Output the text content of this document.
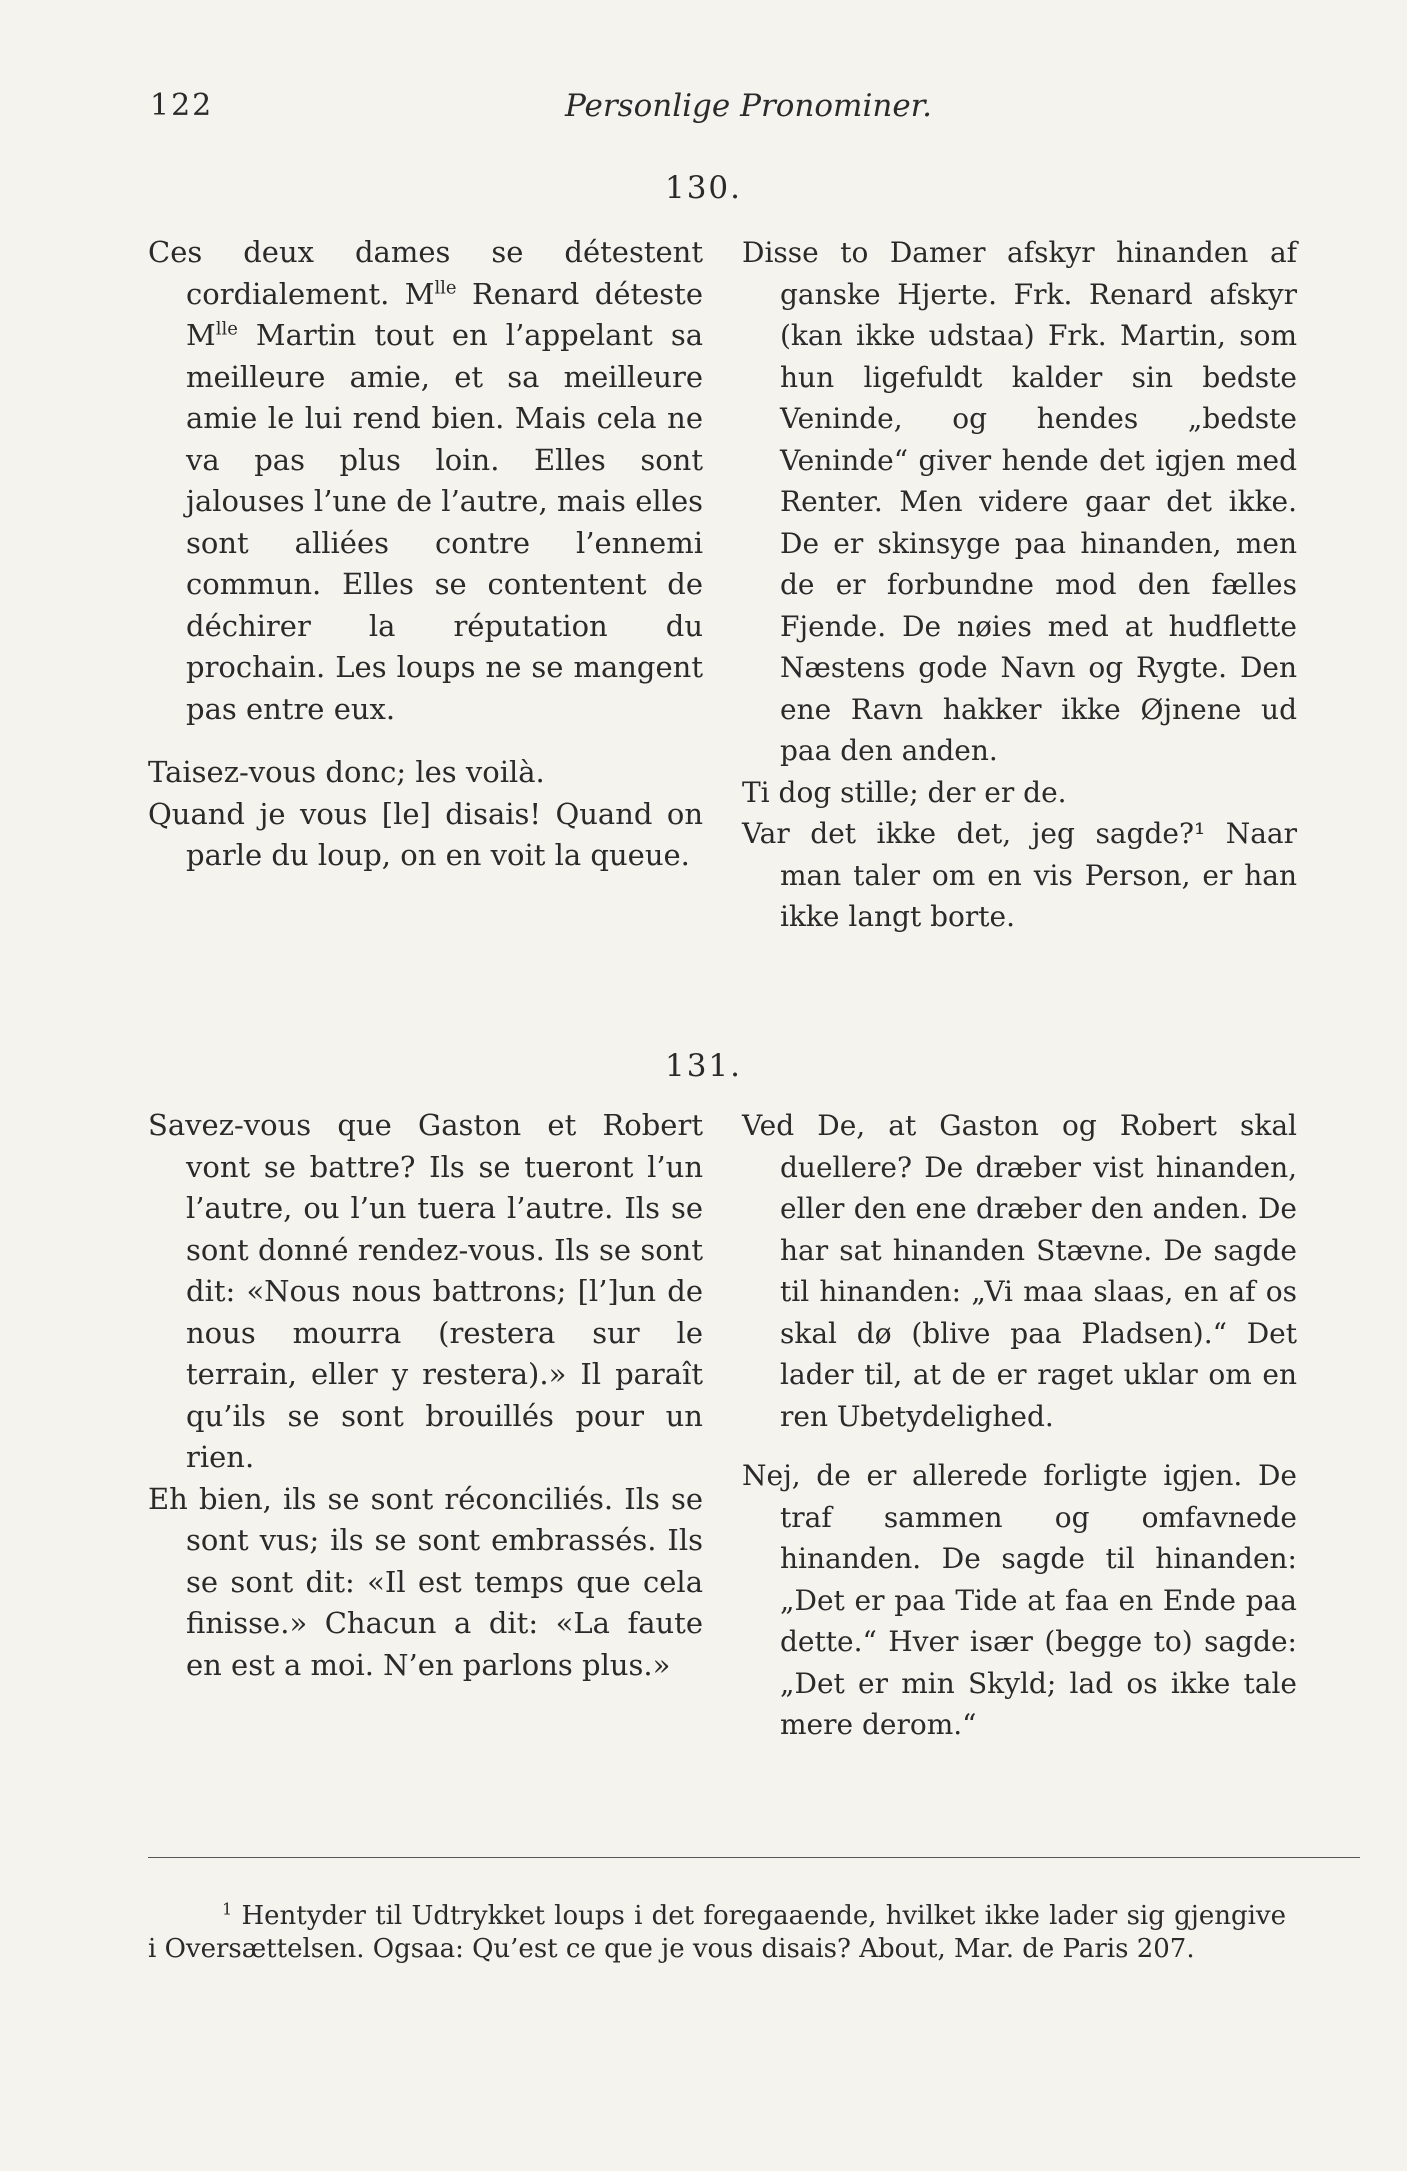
122	Personlige Pronominer.
130.
Ces deux dames se détestent cordialement. $M^{lle}$ Renard déteste $M^{lle}$ Martin tout en l’appelant sa meilleure amie, et sa meilleure amie le lui rend bien. Mais cela ne va pas plus loin. Elles sont jalouses l’une de l’autre, mais elles sont alliées contre l’ennemi commun. Elles se contentent de déchirer la réputation du prochain. Les loups ne se mangent pas entre eux.
Taisez-vous donc; les voilà.
Quand je vous [le] disais! Quand on parle du loup, on en voit la queue.
Disse to Damer afskyr hinanden af ganske Hjerte. Frk. Renard afskyr (kan ikke udstaa) Frk. Martin, som hun ligefuldt kalder sin bedste Veninde, og hendes „bedste Veninde“ giver hende det igjen med Renter. Men videre gaar det ikke. De er skinsyge paa hinanden, men de er forbundne mod den fælles Fjende. De nøies med at hudflette Næstens gode Navn og Rygte. Den ene Ravn hakker ikke Øjnene ud paa den anden.
Ti dog stille; der er de.
Var det ikke det, jeg sagde?¹ Naar man taler om en vis Person, er han ikke langt borte.
131.
Savez-vous que Gaston et Robert vont se battre? Ils se tueront l’un l’autre, ou l’un tuera l’autre. Ils se sont donné rendez-vous. Ils se sont dit: «Nous nous battrons; [l’]un de nous mourra (restera sur le terrain, eller y restera).» Il paraît qu’ils se sont brouillés pour un rien.
Eh bien, ils se sont réconciliés. Ils se sont vus; ils se sont embrassés. Ils se sont dit: «Il est temps que cela finisse.» Chacun a dit: «La faute en est a moi. N’en parlons plus.»
Ved De, at Gaston og Robert skal duellere? De dræber vist hinanden, eller den ene dræber den anden. De har sat hinanden Stævne. De sagde til hinanden: „Vi maa slaas, en af os skal dø (blive paa Pladsen).“ Det lader til, at de er raget uklar om en ren Ubetydelighed.
Nej, de er allerede forligte igjen. De traf sammen og omfavnede hinanden. De sagde til hinanden: „Det er paa Tide at faa en Ende paa dette.“ Hver især (begge to) sagde: „Det er min Skyld; lad os ikke tale mere derom.“
$^1$ Hentyder til Udtrykket loups i det foregaaende, hvilket ikke lader sig gjengive i Oversættelsen. Ogsaa: Qu’est ce que je vous disais? About, Mar. de Paris 207.
